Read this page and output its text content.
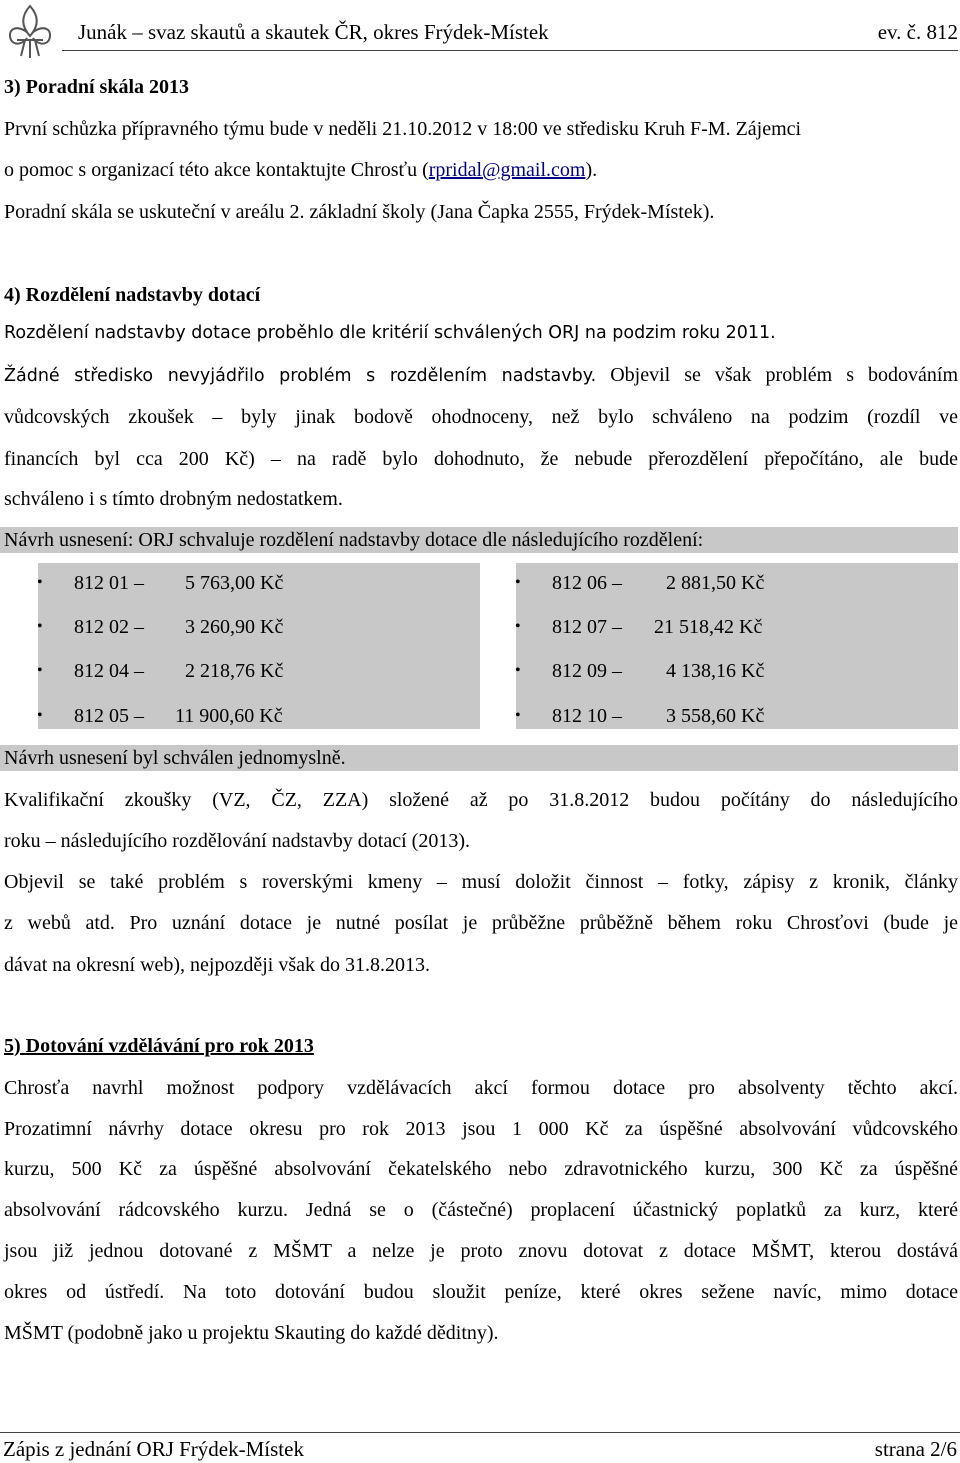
Junák – svaz skautů a skautek ČR, okres Frýdek-Místek	ev. č. 812
3) Poradní skála 2013
První schůzka přípravného týmu bude v neděli 21.10.2012 v 18:00 ve středisku Kruh F-M. Zájemci
o pomoc s organizací této akce kontaktujte Chrosťu (rpridal@gmail.com).
Poradní skála se uskuteční v areálu 2. základní školy (Jana Čapka 2555, Frýdek-Místek).
4) Rozdělení nadstavby dotací
Rozdělení nadstavby dotace proběhlo dle kritérií schválených ORJ na podzim roku 2011.
Žádné středisko nevyjádřilo problém s rozdělením nadstavby. Objevil se však problém s bodováním
vůdcovských zkoušek – byly jinak bodově ohodnoceny, než bylo schváleno na podzim (rozdíl ve
financích byl cca 200 Kč) – na radě bylo dohodnuto, že nebude přerozdělení přepočítáno, ale bude
schváleno i s tímto drobným nedostatkem.
Návrh usnesení: ORJ schvaluje rozdělení nadstavby dotace dle následujícího rozdělení:
• 812 01 – 5 763,00 Kč
• 812 02 – 3 260,90 Kč
• 812 04 – 2 218,76 Kč
• 812 05 – 11 900,60 Kč
• 812 06 – 2 881,50 Kč
• 812 07 – 21 518,42 Kč
• 812 09 – 4 138,16 Kč
• 812 10 – 3 558,60 Kč
Návrh usnesení byl schválen jednomyslně.
Kvalifikační zkoušky (VZ, ČZ, ZZA) složené až po 31.8.2012 budou počítány do následujícího
roku – následujícího rozdělování nadstavby dotací (2013).
Objevil se také problém s roverskými kmeny – musí doložit činnost – fotky, zápisy z kronik, články
z webů atd. Pro uznání dotace je nutné posílat je průběžne průběžně během roku Chrosťovi (bude je
dávat na okresní web), nejpozději však do 31.8.2013.
5) Dotování vzdělávání pro rok 2013
Chrosťa navrhl možnost podpory vzdělávacích akcí formou dotace pro absolventy těchto akcí.
Prozatimní návrhy dotace okresu pro rok 2013 jsou 1 000 Kč za úspěšné absolvování vůdcovského
kurzu, 500 Kč za úspěšné absolvování čekatelského nebo zdravotnického kurzu, 300 Kč za úspěšné
absolvování rádcovského kurzu. Jedná se o (částečné) proplacení účastnický poplatků za kurz, které
jsou již jednou dotované z MŠMT a nelze je proto znovu dotovat z dotace MŠMT, kterou dostává
okres od ústředí. Na toto dotování budou sloužit peníze, které okres sežene navíc, mimo dotace
MŠMT (podobně jako u projektu Skauting do každé děditny).
Zápis z jednání ORJ Frýdek-Místek	strana 2/6
